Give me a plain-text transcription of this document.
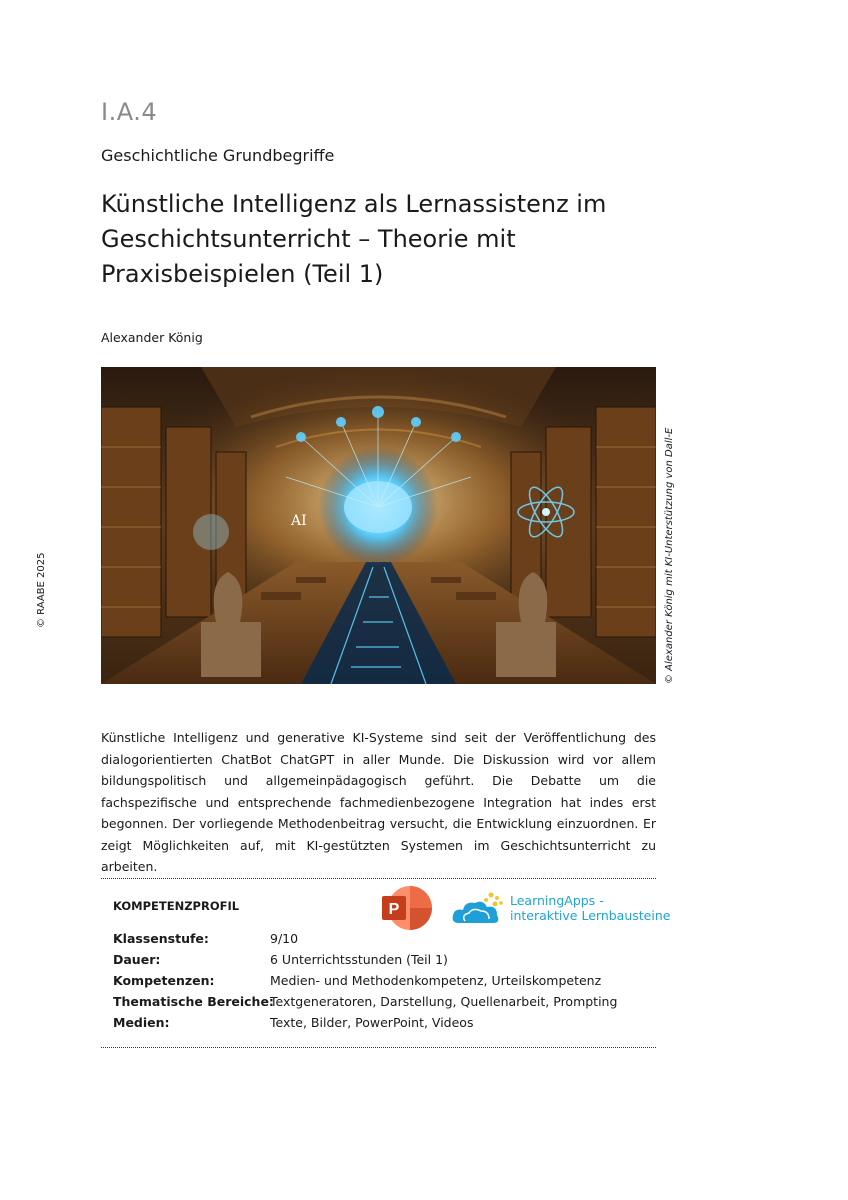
I.A.4
Geschichtliche Grundbegriffe
Künstliche Intelligenz als Lernassistenz im Geschichtsunterricht – Theorie mit Praxisbeispielen (Teil 1)
Alexander König
© RAABE 2025
AI	© Alexander König mit KI-Unterstützung von Dall-E

Künstliche Intelligenz und generative KI-Systeme sind seit der Veröffentlichung des dialogorientierten ChatBot ChatGPT in aller Munde. Die Diskussion wird vor allem bildungspolitisch und allgemeinpädagogisch geführt. Die Debatte um die fachspezifische und entsprechende fachmedienbezogene Integration hat indes erst begonnen. Der vorliegende Methodenbeitrag versucht, die Entwicklung einzuordnen. Er zeigt Möglichkeiten auf, mit KI-gestützten Systemen im Geschichtsunterricht zu arbeiten.

KOMPETENZPROFIL	P
LearningApps -
interaktive Lernbausteine
Klassenstufe:	9/10
Dauer:	6 Unterrichtsstunden (Teil 1)
Kompetenzen:	Medien- und Methodenkompetenz, Urteilskompetenz
Thematische Bereiche:
Textgeneratoren, Darstellung, Quellenarbeit, Prompting
Medien:	Texte, Bilder, PowerPoint, Videos
